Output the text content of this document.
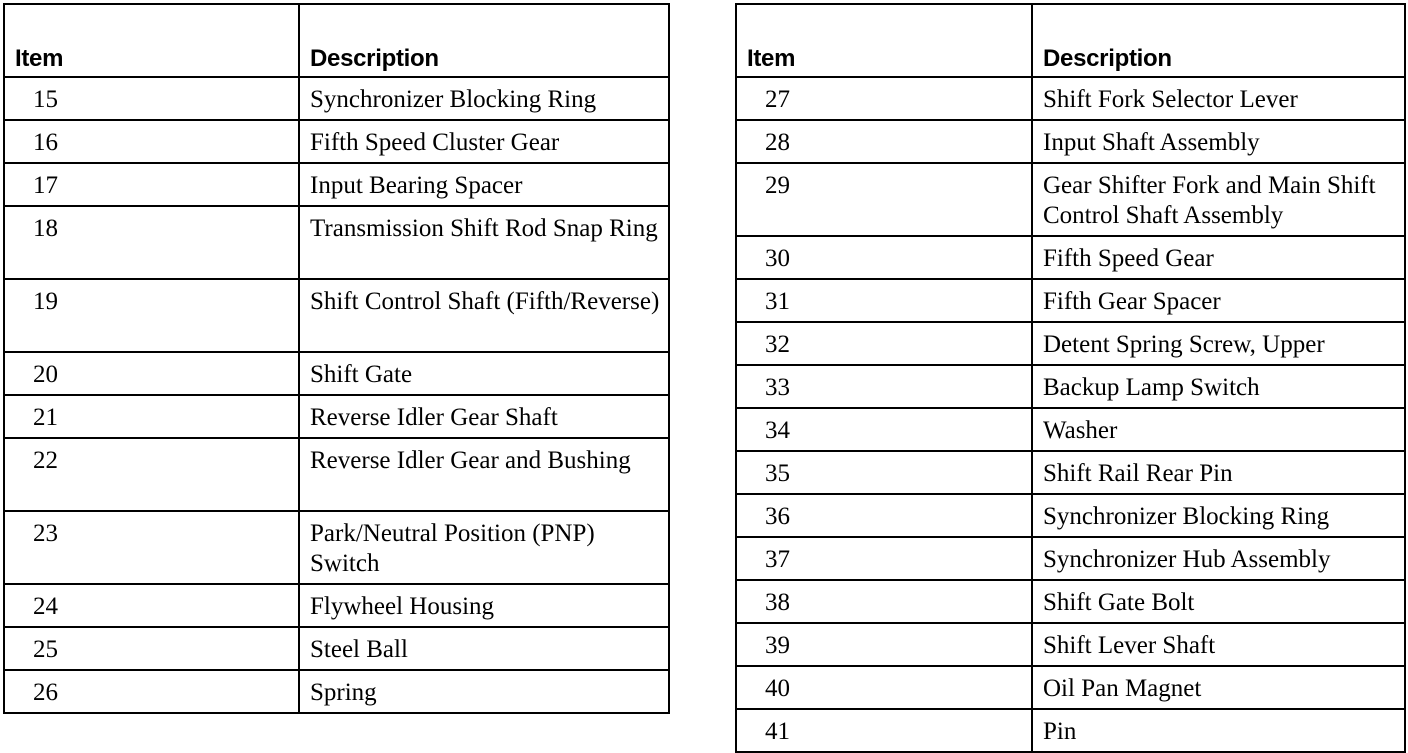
Item	Description
15	Synchronizer Blocking Ring
16	Fifth Speed Cluster Gear
17	Input Bearing Spacer
18	Transmission Shift Rod Snap Ring
19	Shift Control Shaft (Fifth/Reverse)
20	Shift Gate
21	Reverse Idler Gear Shaft
22	Reverse Idler Gear and Bushing
23	Park/Neutral Position (PNP) Switch
24	Flywheel Housing
25	Steel Ball
26	Spring
Item	Description
27	Shift Fork Selector Lever
28	Input Shaft Assembly
29	Gear Shifter Fork and Main Shift Control Shaft Assembly
30	Fifth Speed Gear
31	Fifth Gear Spacer
32	Detent Spring Screw, Upper
33	Backup Lamp Switch
34	Washer
35	Shift Rail Rear Pin
36	Synchronizer Blocking Ring
37	Synchronizer Hub Assembly
38	Shift Gate Bolt
39	Shift Lever Shaft
40	Oil Pan Magnet
41	Pin
